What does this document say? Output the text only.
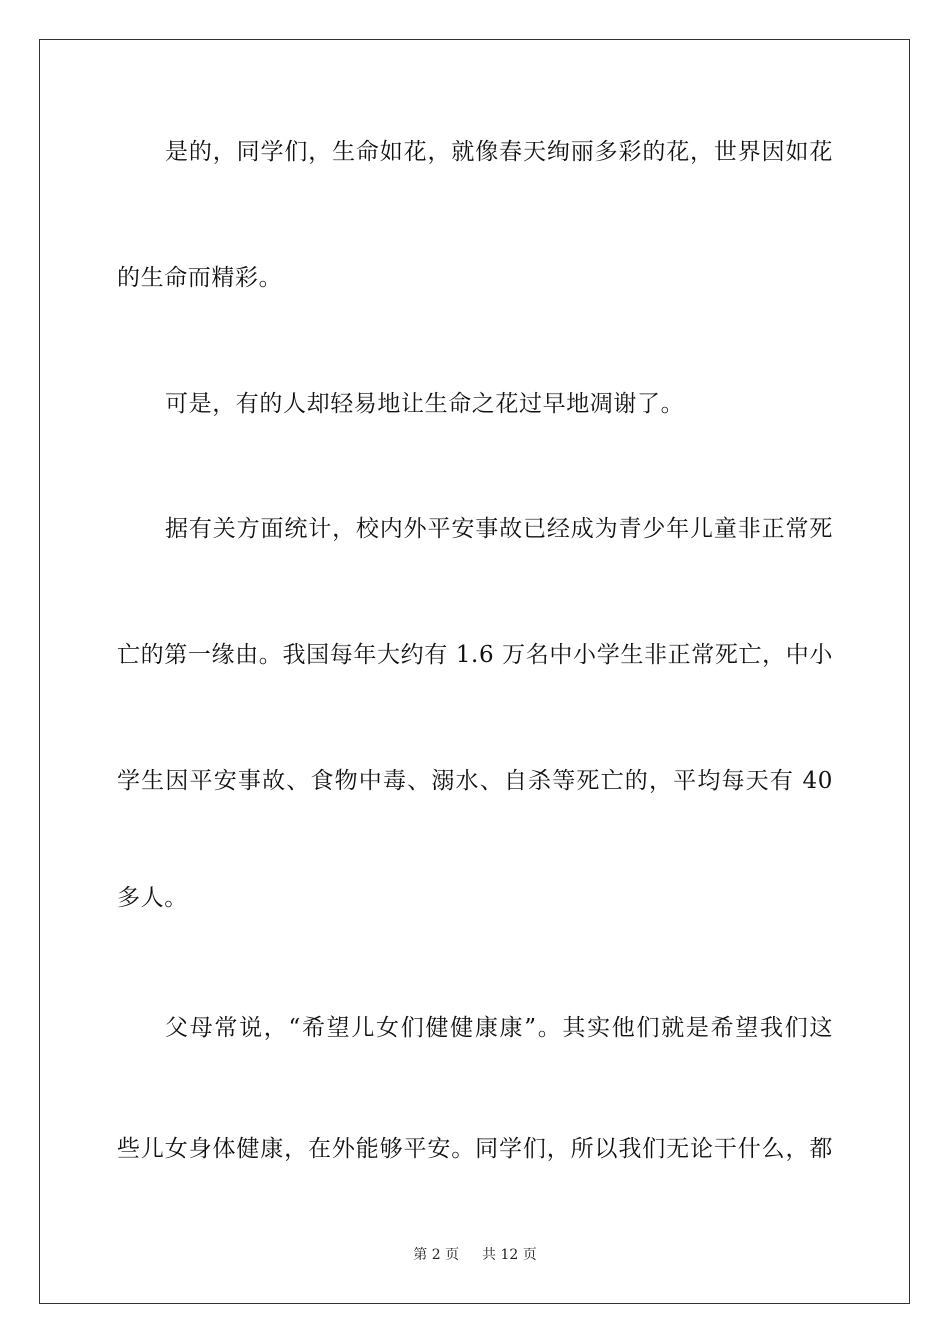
是的，同学们，生命如花，就像春天绚丽多彩的花，世界因如花
的生命而精彩。
可是，有的人却轻易地让生命之花过早地凋谢了。
据有关方面统计，校内外平安事故已经成为青少年儿童非正常死
亡的第一缘由。我国每年大约有 1.6 万名中小学生非正常死亡，中小
学生因平安事故、食物中毒、溺水、自杀等死亡的，平均每天有 40
多人。
父母常说，“希望儿女们健健康康”。其实他们就是希望我们这
些儿女身体健康，在外能够平安。同学们，所以我们无论干什么，都
第 2 页 共 12 页
